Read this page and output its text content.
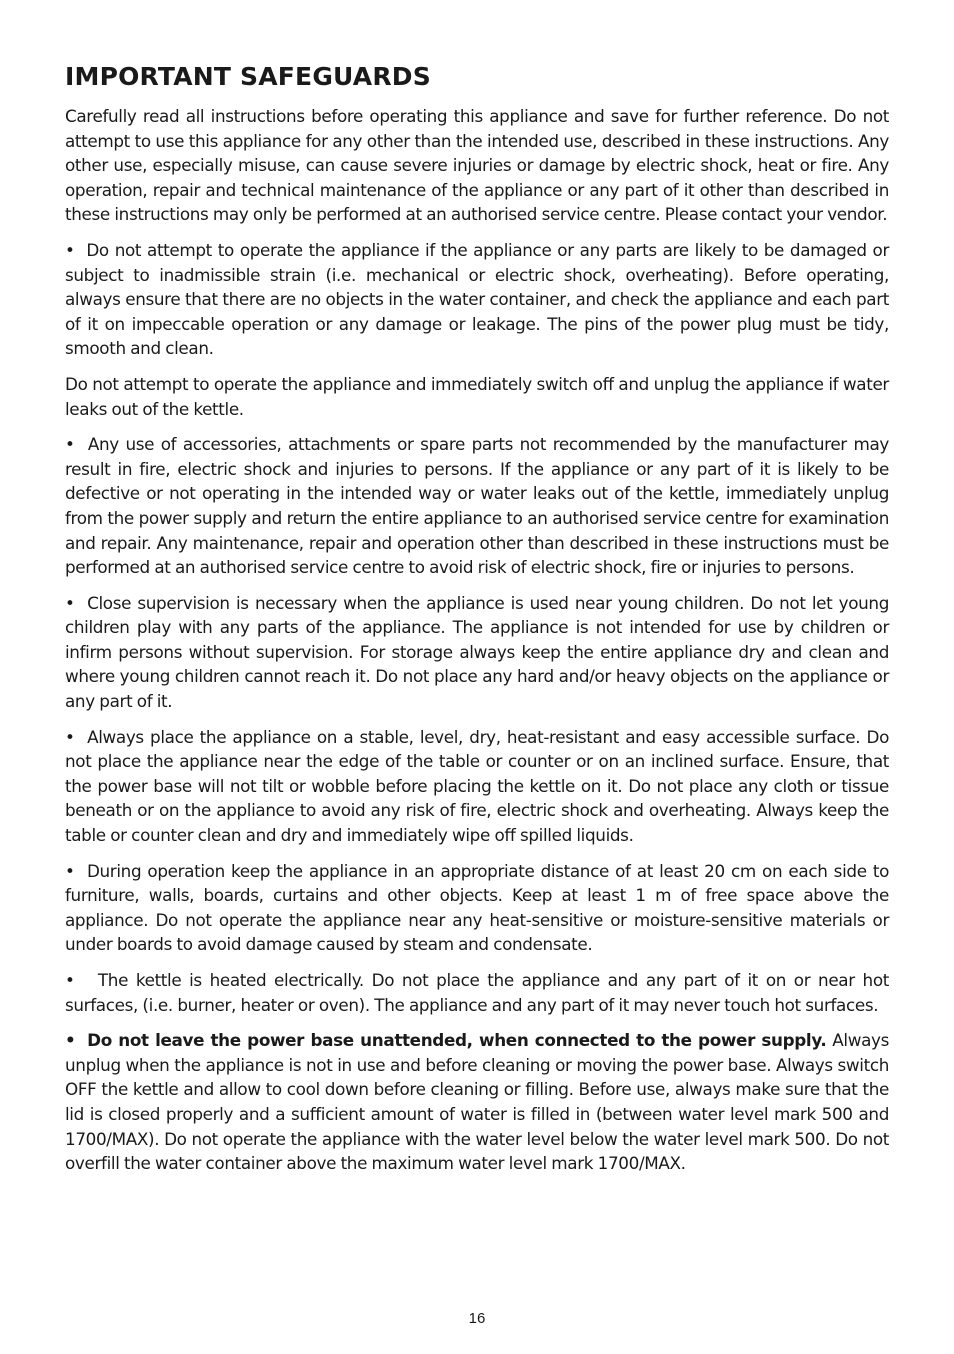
IMPORTANT SAFEGUARDS

Carefully read all instructions before operating this appliance and save for further reference. Do not attempt to use this appliance for any other than the intended use, described in these instructions. Any other use, especially misuse, can cause severe injuries or damage by electric shock, heat or fire. Any operation, repair and technical maintenance of the appliance or any part of it other than described in these instructions may only be performed at an authorised service centre. Please contact your vendor.

• Do not attempt to operate the appliance if the appliance or any parts are likely to be damaged or subject to inadmissible strain (i.e. mechanical or electric shock, overheating). Before operating, always ensure that there are no objects in the water container, and check the appliance and each part of it on impeccable operation or any damage or leakage. The pins of the power plug must be tidy, smooth and clean.

Do not attempt to operate the appliance and immediately switch off and unplug the appliance if water leaks out of the kettle.

• Any use of accessories, attachments or spare parts not recommended by the manufacturer may result in fire, electric shock and injuries to persons. If the appliance or any part of it is likely to be defective or not operating in the intended way or water leaks out of the kettle, immediately unplug from the power supply and return the entire appliance to an authorised service centre for examination and repair. Any maintenance, repair and operation other than described in these instructions must be performed at an authorised service centre to avoid risk of electric shock, fire or injuries to persons.

• Close supervision is necessary when the appliance is used near young children. Do not let young children play with any parts of the appliance. The appliance is not intended for use by children or infirm persons without supervision. For storage always keep the entire appliance dry and clean and where young children cannot reach it. Do not place any hard and/or heavy objects on the appliance or any part of it.

• Always place the appliance on a stable, level, dry, heat-resistant and easy accessible surface. Do not place the appliance near the edge of the table or counter or on an inclined surface. Ensure, that the power base will not tilt or wobble before placing the kettle on it. Do not place any cloth or tissue beneath or on the appliance to avoid any risk of fire, electric shock and overheating. Always keep the table or counter clean and dry and immediately wipe off spilled liquids.

• During operation keep the appliance in an appropriate distance of at least 20 cm on each side to furniture, walls, boards, curtains and other objects. Keep at least 1 m of free space above the appliance. Do not operate the appliance near any heat-sensitive or moisture-sensitive materials or under boards to avoid damage caused by steam and condensate.

• The kettle is heated electrically. Do not place the appliance and any part of it on or near hot surfaces, (i.e. burner, heater or oven). The appliance and any part of it may never touch hot surfaces.

• Do not leave the power base unattended, when connected to the power supply. Always unplug when the appliance is not in use and before cleaning or moving the power base. Always switch OFF the kettle and allow to cool down before cleaning or filling. Before use, always make sure that the lid is closed properly and a sufficient amount of water is filled in (between water level mark 500 and 1700/MAX). Do not operate the appliance with the water level below the water level mark 500. Do not overfill the water container above the maximum water level mark 1700/MAX.

16
